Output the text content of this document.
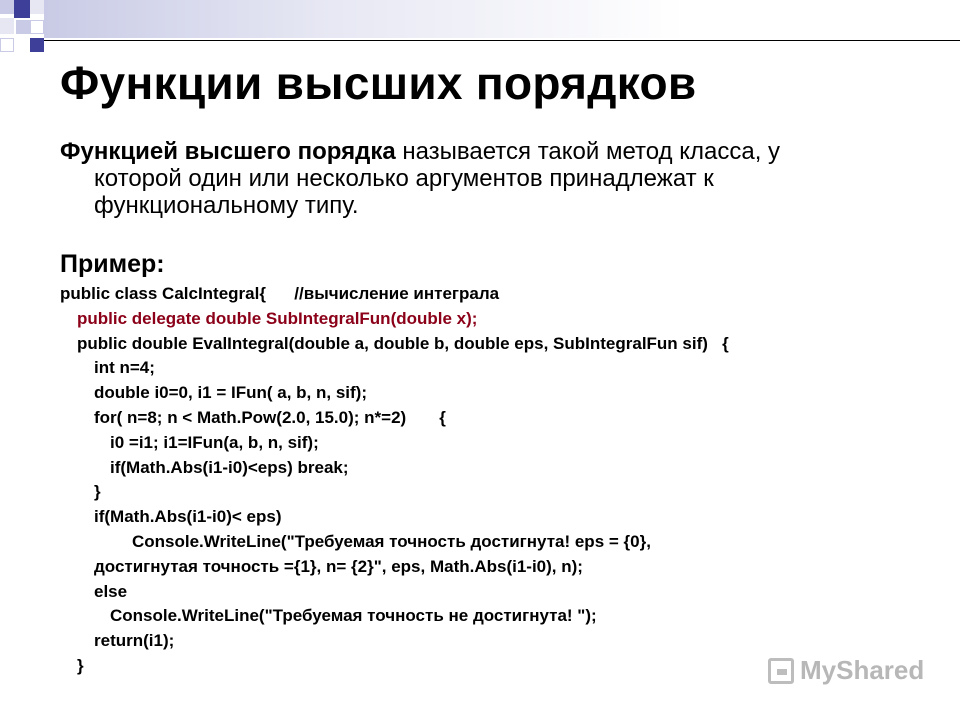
Функции высших порядков
Функцией высшего порядка называется такой метод класса, у
которой один или несколько аргументов принадлежат к
функциональному типу.
Пример:
public class CalcIntegral{      //вычисление интеграла
public delegate double SubIntegralFun(double x);
public double EvalIntegral(double a, double b, double eps, SubIntegralFun sif)   {
int n=4;
double i0=0, i1 = IFun( a, b, n, sif);
for( n=8; n < Math.Pow(2.0, 15.0); n*=2)       {
i0 =i1; i1=IFun(a, b, n, sif);
if(Math.Abs(i1-i0)<eps) break;
}
if(Math.Abs(i1-i0)< eps)
Console.WriteLine("Требуемая точность достигнута! eps = {0},
достигнутая точность ={1}, n= {2}", eps, Math.Abs(i1-i0), n);
else
Console.WriteLine("Требуемая точность не достигнута! ");
return(i1);
}	MyShared
